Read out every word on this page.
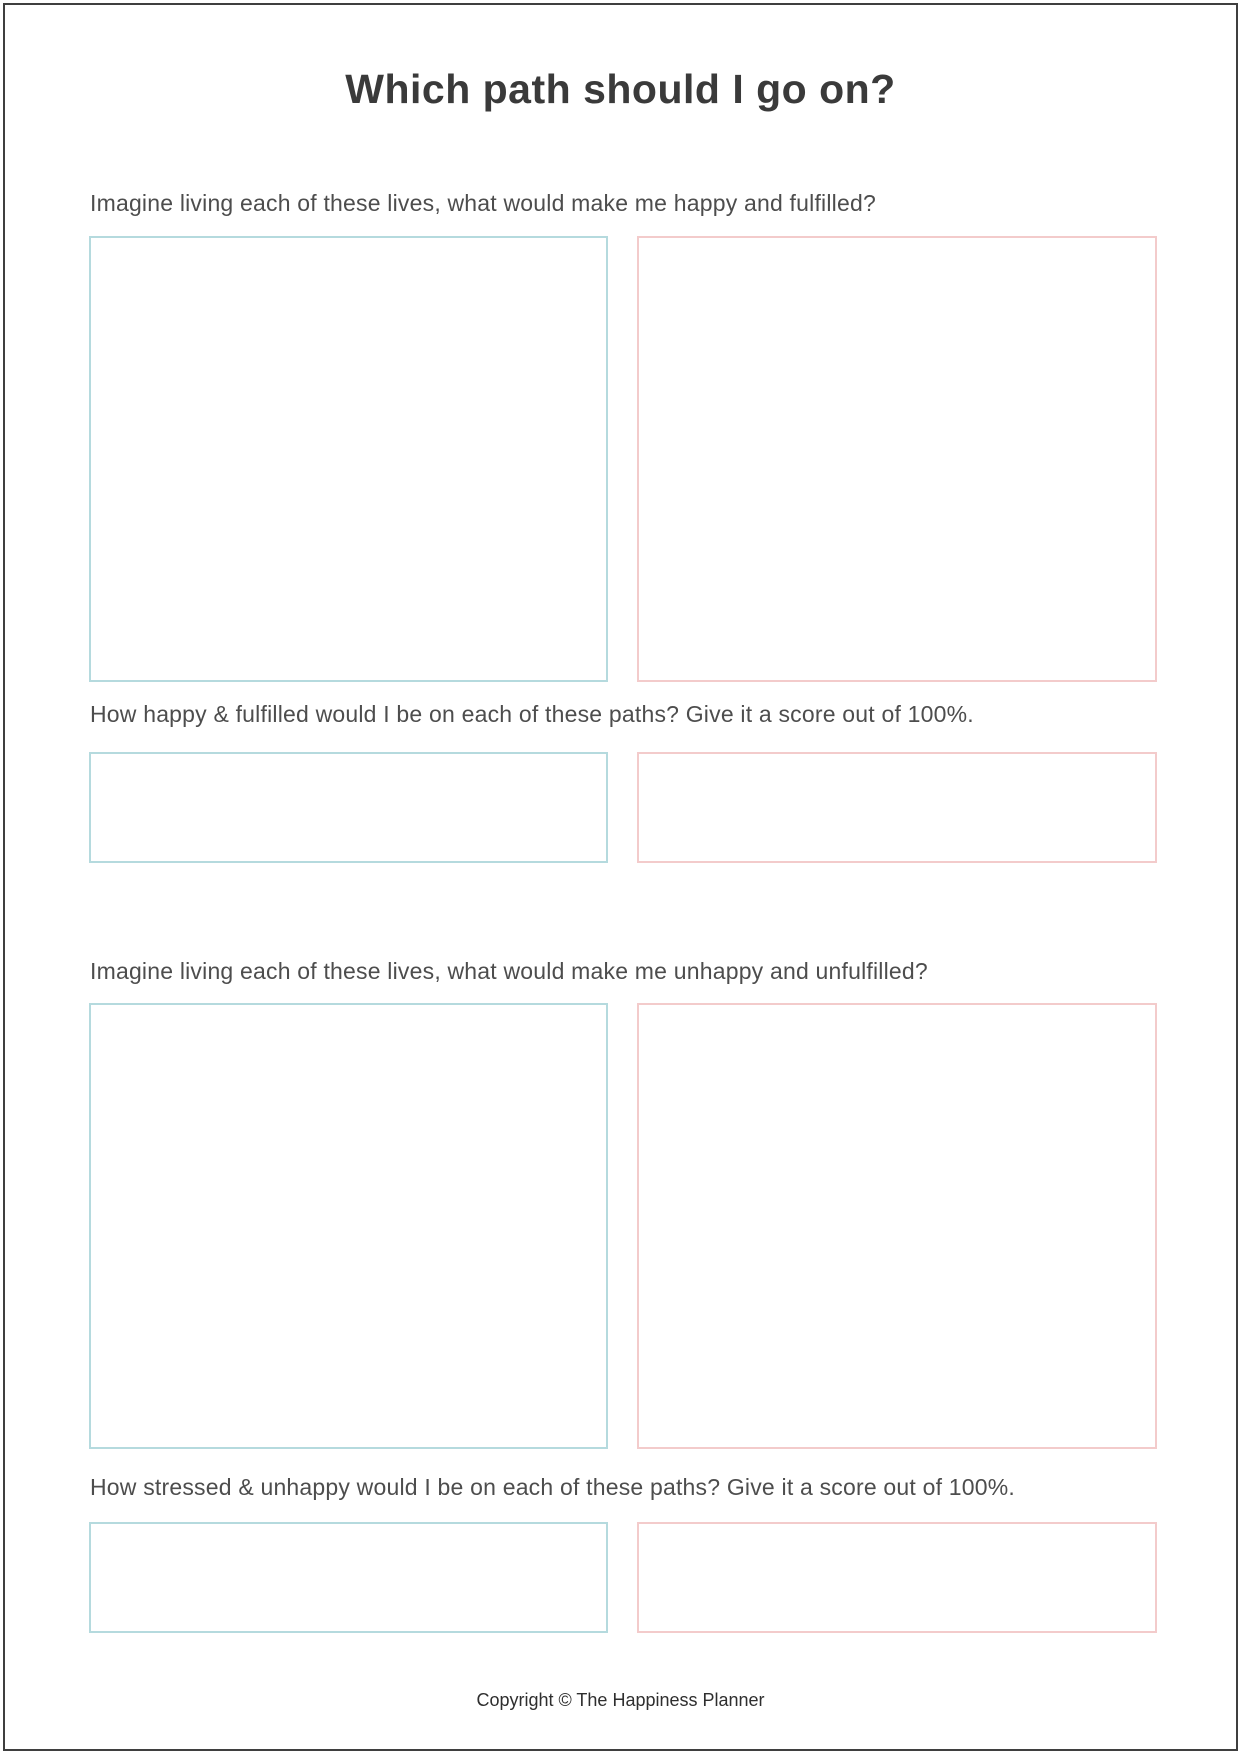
Which path should I go on?
Imagine living each of these lives, what would make me happy and fulfilled?
How happy & fulfilled would I be on each of these paths? Give it a score out of 100%.
Imagine living each of these lives, what would make me unhappy and unfulfilled?
How stressed & unhappy would I be on each of these paths? Give it a score out of 100%.
Copyright © The Happiness Planner
